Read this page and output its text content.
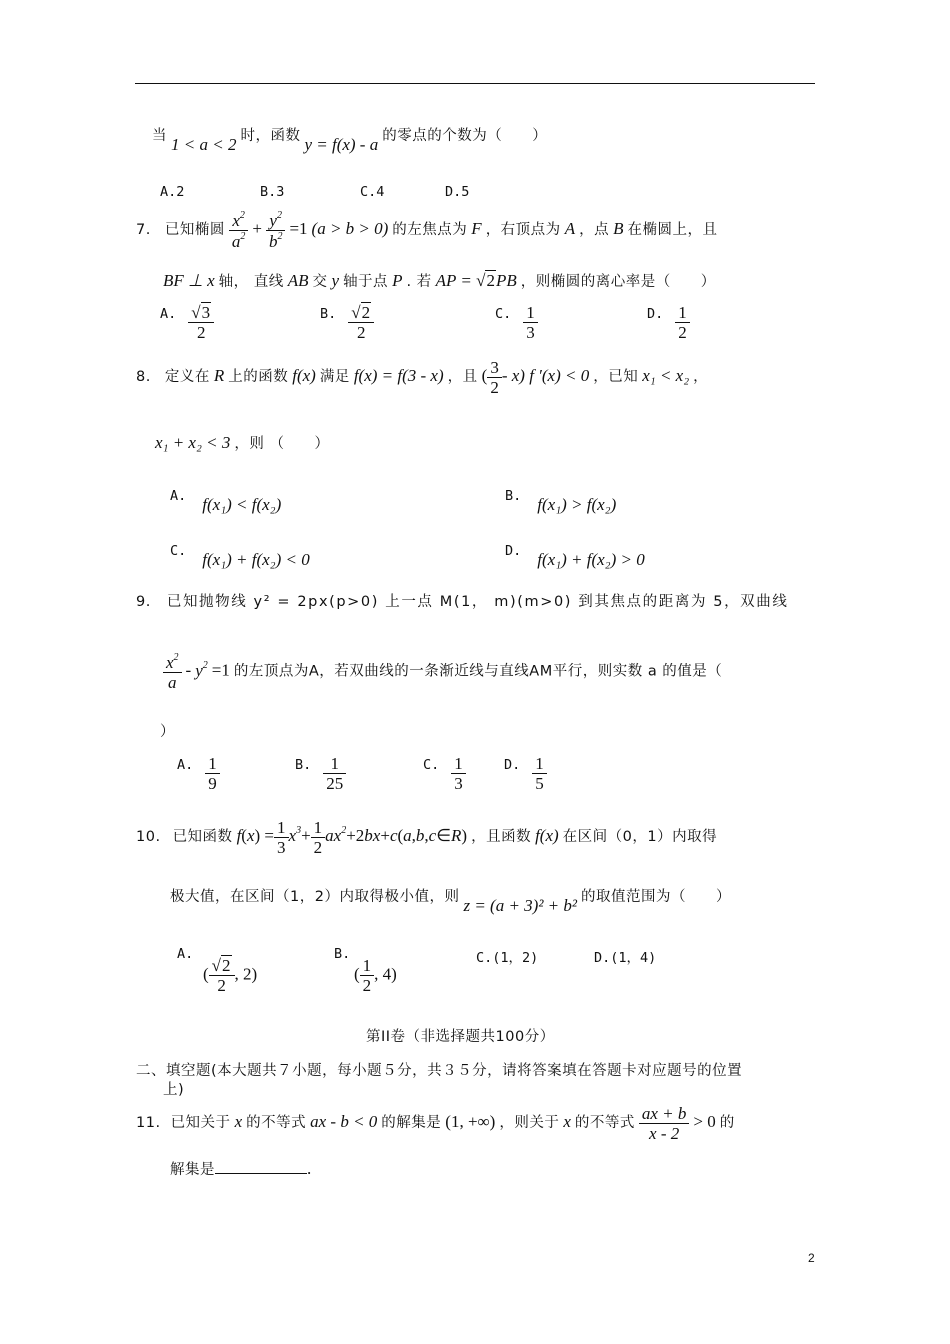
当 1 < a < 2 时，函数 y = f(x) - a 的零点的个数为（　　）
A.2	B.3	C.4	D.5
7. 已知椭圆 $\frac{x^2}{a^2} + \frac{y^2}{b^2} =1$ (a > b > 0) 的左焦点为 F ，右顶点为 A ，点 B 在椭圆上，且
BF ⊥ x 轴， 直线 AB 交 y 轴于点 P . 若 AP = √2PB ，则椭圆的离心率是（　　）
$^{A.} \frac{√3}{2}$	$^{B.} \frac{√2}{2}$	$^{C.} \frac{1}{3}$	$^{D.} \frac{1}{2}$
8. 定义在 R 上的函数 f(x) 满足 f(x) = f(3 - x) ，且 ( $\frac{3}{2} - x$) f ′(x) < 0 ，已知 x₁ < x₂ ，
x₁ + x₂ < 3 ，则 （　　）
A. f(x₁) < f(x₂)	B. f(x₁) > f(x₂)
C. f(x₁) + f(x₂) < 0	D. f(x₁) + f(x₂) > 0
9. 已知抛物线 y² = 2px(p>0) 上一点 M(1， m)(m>0) 到其焦点的距离为 5，双曲线
$\frac{x^2}{a} - y^2 =1$ 的左顶点为A，若双曲线的一条渐近线与直线AM平行，则实数 a 的值是（
）
$^{A.} \frac{1}{9}$	$^{B.} \frac{1}{25}$	$^{C.} \frac{1}{3}$	$^{D.} \frac{1}{5}$
10. 已知函数 $f(x) = \frac{1}{3} x^3+ \frac{1}{2}$ $ax^2+2bx+c(a,b,c\in R)$ ，且函数 f(x) 在区间（0，1）内取得
极大值，在区间（1，2）内取得极小值，则 z = (a + 3)² + b² 的取值范围为（　　）
A.
( $\frac{√2}{2}$ , 2)
B.
( $\frac{1}{2}$ , 4)
C.(1，2)	D.(1，4)
第II卷（非选择题共100分）
二、填空题(本大题共７小题，每小题５分，共３５分，请将答案填在答题卡对应题号的位置
上)
11. 已知关于 x 的不等式 ax - b < 0 的解集是 (1, +∞) ，则关于 x 的不等式 $\frac{ax + b}{x - 2} > 0$ 的
解集是	.
2
